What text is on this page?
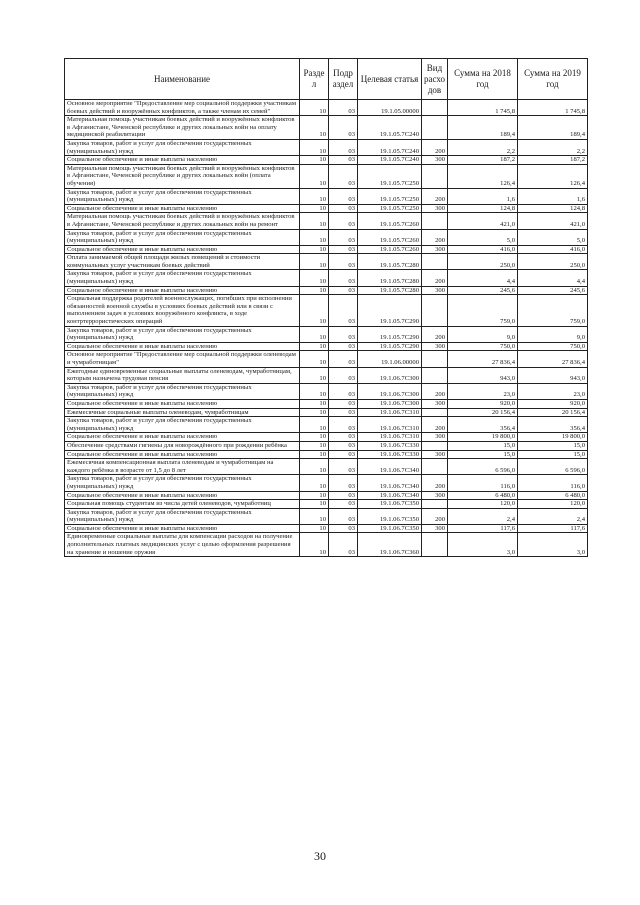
Наименование	Разде л	Подр аздел	Целевая статья	Вид расхо дов	Сумма на 2018 год	Сумма на 2019 год
Основное мероприятие "Предоставление мер социальной поддержки участникам боевых действий и вооружённых конфликтов, а также членам их семей"	10	03	19.1.05.00000		1 745,8	1 745,8
Материальная помощь участникам боевых действий и вооружённых конфликтов в Афганистане, Чеченской республике и других локальных войн на оплату медицинской реабилитации	10	03	19.1.05.7С240		189,4	189,4
Закупка товаров, работ и услуг для обеспечения государственных (муниципальных) нужд	10	03	19.1.05.7С240	200	2,2	2,2
Социальное обеспечение и иные выплаты населению	10	03	19.1.05.7С240	300	187,2	187,2
Материальная помощь участникам боевых действий и вооружённых конфликтов в Афганистане, Чеченской республике и других локальных войн (оплата обучения)	10	03	19.1.05.7С250		126,4	126,4
Закупка товаров, работ и услуг для обеспечения государственных (муниципальных) нужд	10	03	19.1.05.7С250	200	1,6	1,6
Социальное обеспечение и иные выплаты населению	10	03	19.1.05.7С250	300	124,8	124,8
Материальная помощь участникам боевых действий и вооружённых конфликтов в Афганистане, Чеченской республике и других локальных войн на ремонт	10	03	19.1.05.7С260		421,0	421,0
Закупка товаров, работ и услуг для обеспечения государственных (муниципальных) нужд	10	03	19.1.05.7С260	200	5,0	5,0
Социальное обеспечение и иные выплаты населению	10	03	19.1.05.7С260	300	416,0	416,0
Оплата занимаемой общей площади жилых помещений и стоимости коммунальных услуг участникам боевых действий	10	03	19.1.05.7С280		250,0	250,0
Закупка товаров, работ и услуг для обеспечения государственных (муниципальных) нужд	10	03	19.1.05.7С280	200	4,4	4,4
Социальное обеспечение и иные выплаты населению	10	03	19.1.05.7С280	300	245,6	245,6
Социальная поддержка родителей военнослужащих, погибших при исполнении обязанностей военной службы в условиях боевых действий или в связи с выполнением задач в условиях вооружённого конфликта, в ходе контртеррористических операций	10	03	19.1.05.7С290		759,0	759,0
Закупка товаров, работ и услуг для обеспечения государственных (муниципальных) нужд	10	03	19.1.05.7С290	200	9,0	9,0
Социальное обеспечение и иные выплаты населению	10	03	19.1.05.7С290	300	750,0	750,0
Основное мероприятие "Предоставление мер социальной поддержки оленеводам и чумработницам"	10	03	19.1.06.00000		27 836,4	27 836,4
Ежегодные единовременные социальные выплаты оленеводам, чумработницам, которым назначена трудовая пенсия	10	03	19.1.06.7С300		943,0	943,0
Закупка товаров, работ и услуг для обеспечения государственных (муниципальных) нужд	10	03	19.1.06.7С300	200	23,0	23,0
Социальное обеспечение и иные выплаты населению	10	03	19.1.06.7С300	300	920,0	920,0
Ежемесячные социальные выплаты оленеводам, чумработницам	10	03	19.1.06.7С310		20 156,4	20 156,4
Закупка товаров, работ и услуг для обеспечения государственных (муниципальных) нужд	10	03	19.1.06.7С310	200	356,4	356,4
Социальное обеспечение и иные выплаты населению	10	03	19.1.06.7С310	300	19 800,0	19 800,0
Обеспечение средствами гигиены для новорождённого при рождении ребёнка	10	03	19.1.06.7С330		15,0	15,0
Социальное обеспечение и иные выплаты населению	10	03	19.1.06.7С330	300	15,0	15,0
Ежемесячная компенсационная выплата оленеводам и чумработницам на каждого ребёнка в возрасте от 1,5 до 8 лет	10	03	19.1.06.7С340		6 596,0	6 596,0
Закупка товаров, работ и услуг для обеспечения государственных (муниципальных) нужд	10	03	19.1.06.7С340	200	116,0	116,0
Социальное обеспечение и иные выплаты населению	10	03	19.1.06.7С340	300	6 480,0	6 480,0
Социальная помощь студентам из числа детей оленеводов, чумработниц	10	03	19.1.06.7С350		120,0	120,0
Закупка товаров, работ и услуг для обеспечения государственных (муниципальных) нужд	10	03	19.1.06.7С350	200	2,4	2,4
Социальное обеспечение и иные выплаты населению	10	03	19.1.06.7С350	300	117,6	117,6
Единовременные социальные выплаты для компенсации расходов на получение дополнительных платных медицинских услуг с целью оформления разрешения на хранение и ношение оружия	10	03	19.1.06.7С360		3,0	3,0
30
